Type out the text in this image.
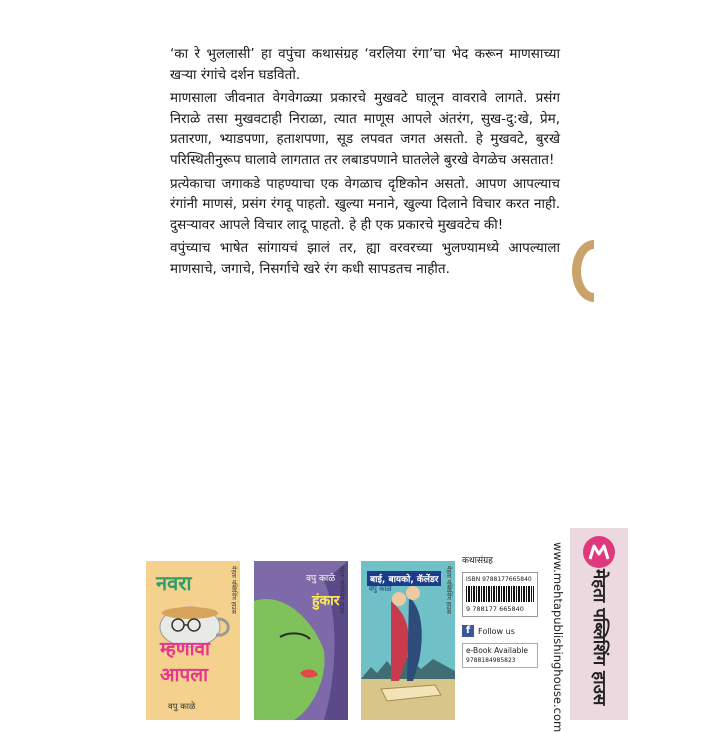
‘का रे भुललासी’ हा वपुंचा कथासंग्रह ‘वरलिया रंगा’चा भेद करून माणसाच्या खऱ्या रंगांचे दर्शन घडवितो.

माणसाला जीवनात वेगवेगळ्या प्रकारचे मुखवटे घालून वावरावे लागते. प्रसंग निराळे तसा मुखवटाही निराळा, त्यात माणूस आपले अंतरंग, सुख-दु:खे, प्रेम, प्रतारणा, भ्याडपणा, हताशपणा, सूड लपवत जगत असतो. हे मुखवटे, बुरखे परिस्थितीनुरूप घालावे लागतात तर लबाडपणाने घातलेले बुरखे वेगळेच असतात!

प्रत्येकाचा जगाकडे पाहण्याचा एक वेगळाच दृष्टिकोन असतो. आपण आपल्याच रंगांनी माणसं, प्रसंग रंगवू पाहतो. खुल्या मनाने, खुल्या दिलाने विचार करत नाही. दुसऱ्यावर आपले विचार लादू पाहतो. हे ही एक प्रकारचे मुखवटेच की!

वपुंच्याच भाषेत सांगायचं झालं तर, ह्या वरवरच्या भुलण्यामध्ये आपल्याला माणसाचे, जगाचे, निसर्गाचे खरे रंग कधी सापडतच नाहीत.

नवरा
म्हणावा आपला
वपु काळे
मेहता पब्लिशिंग हाउस	वपु काळे
हुंकार
मेहता पब्लिशिंग हाउस	बाई, बायको, कॅलेंडर
वपु काळे	मेहता पब्लिशिंग हाउस
कथासंग्रह
ISBN 9788177665840
9 788177 665840
f Follow us
e-Book Available
9788184985823	www.mehtapublishinghouse.com मेहता पब्लिशिंग हाउस
